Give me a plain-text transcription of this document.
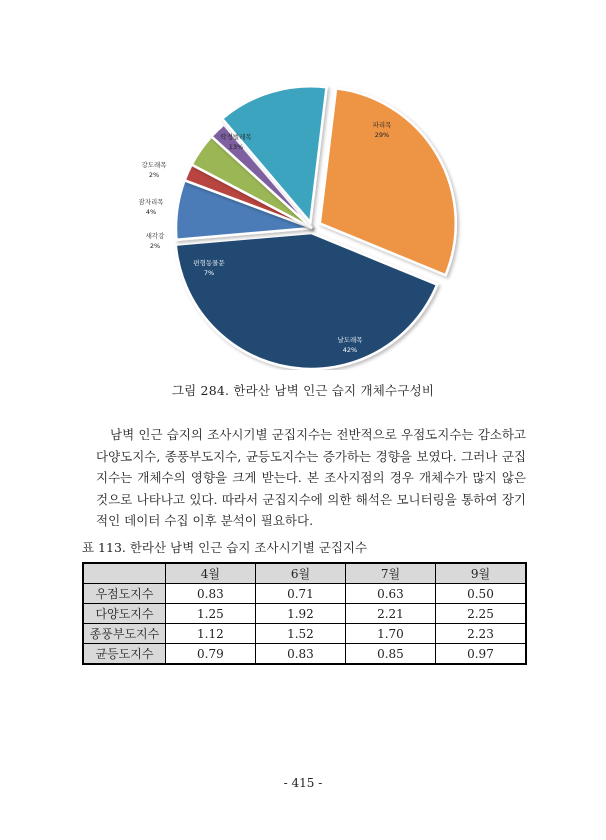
파리목
29%
날도래목
42%
편형동물문
7%
새각강
2%
잠자리목
4%
강도래목
2%
딱정벌레목
13%
그림 284. 한라산 남벽 인근 습지 개체수구성비

남벽 인근 습지의 조사시기별 군집지수는 전반적으로 우점도지수는 감소하고 다양도지수, 종풍부도지수, 균등도지수는 증가하는 경향을 보였다. 그러나 군집지수는 개체수의 영향을 크게 받는다. 본 조사지점의 경우 개체수가 많지 않은 것으로 나타나고 있다. 따라서 군집지수에 의한 해석은 모니터링을 통하여 장기적인 데이터 수집 이후 분석이 필요하다.

표 113. 한라산 남벽 인근 습지 조사시기별 군집지수
	4월	6월	7월	9월
우점도지수	0.83	0.71	0.63	0.50
다양도지수	1.25	1.92	2.21	2.25
종풍부도지수	1.12	1.52	1.70	2.23
균등도지수	0.79	0.83	0.85	0.97
- 415 -
